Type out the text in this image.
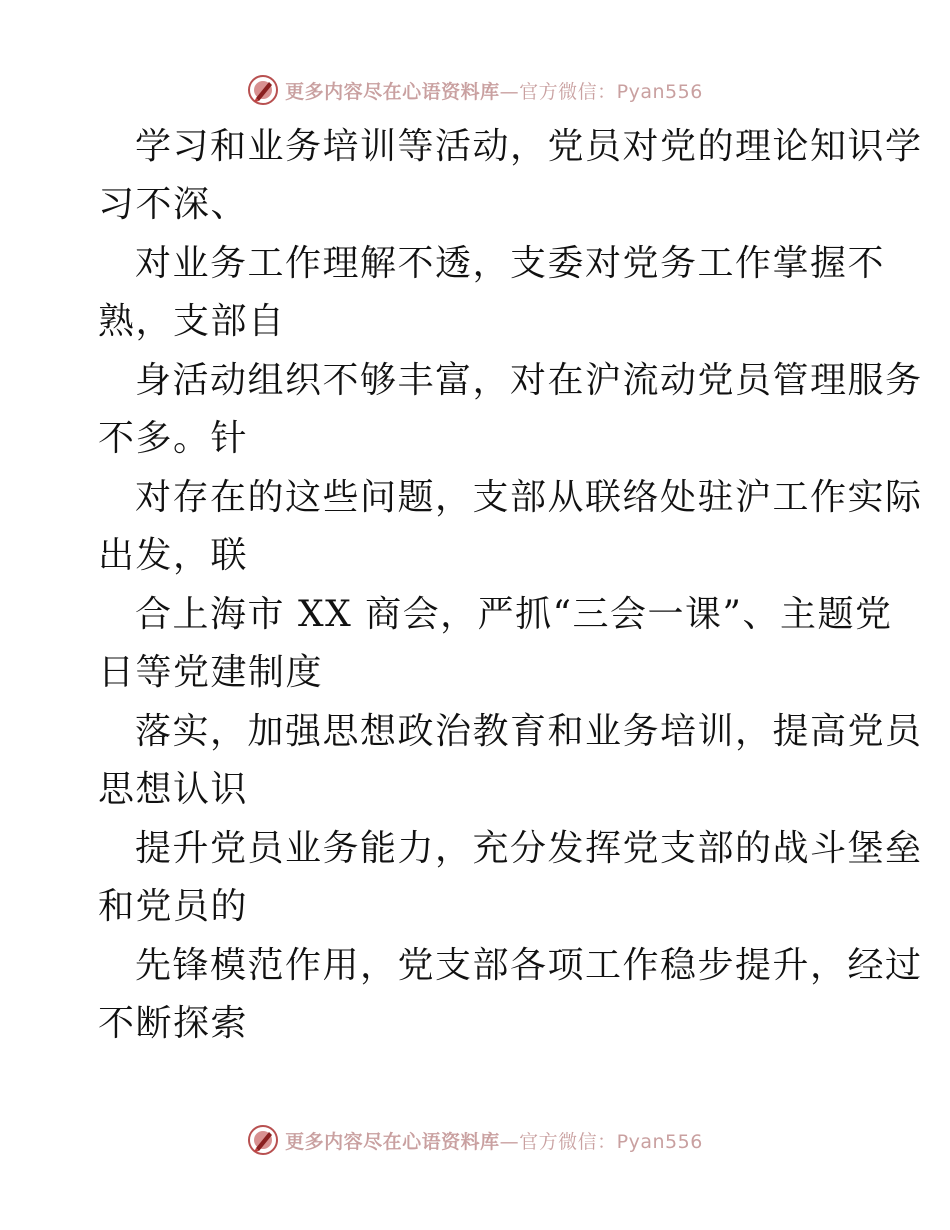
更多内容尽在心语资料库—官方微信：Pyan556
学习和业务培训等活动，党员对党的理论知识学
习不深、
对业务工作理解不透，支委对党务工作掌握不
熟，支部自
身活动组织不够丰富，对在沪流动党员管理服务
不多。针
对存在的这些问题，支部从联络处驻沪工作实际
出发，联
合上海市 XX 商会，严抓“三会一课”、主题党
日等党建制度
落实，加强思想政治教育和业务培训，提高党员
思想认识
提升党员业务能力，充分发挥党支部的战斗堡垒
和党员的
先锋模范作用，党支部各项工作稳步提升，经过
不断探索
更多内容尽在心语资料库—官方微信：Pyan556
